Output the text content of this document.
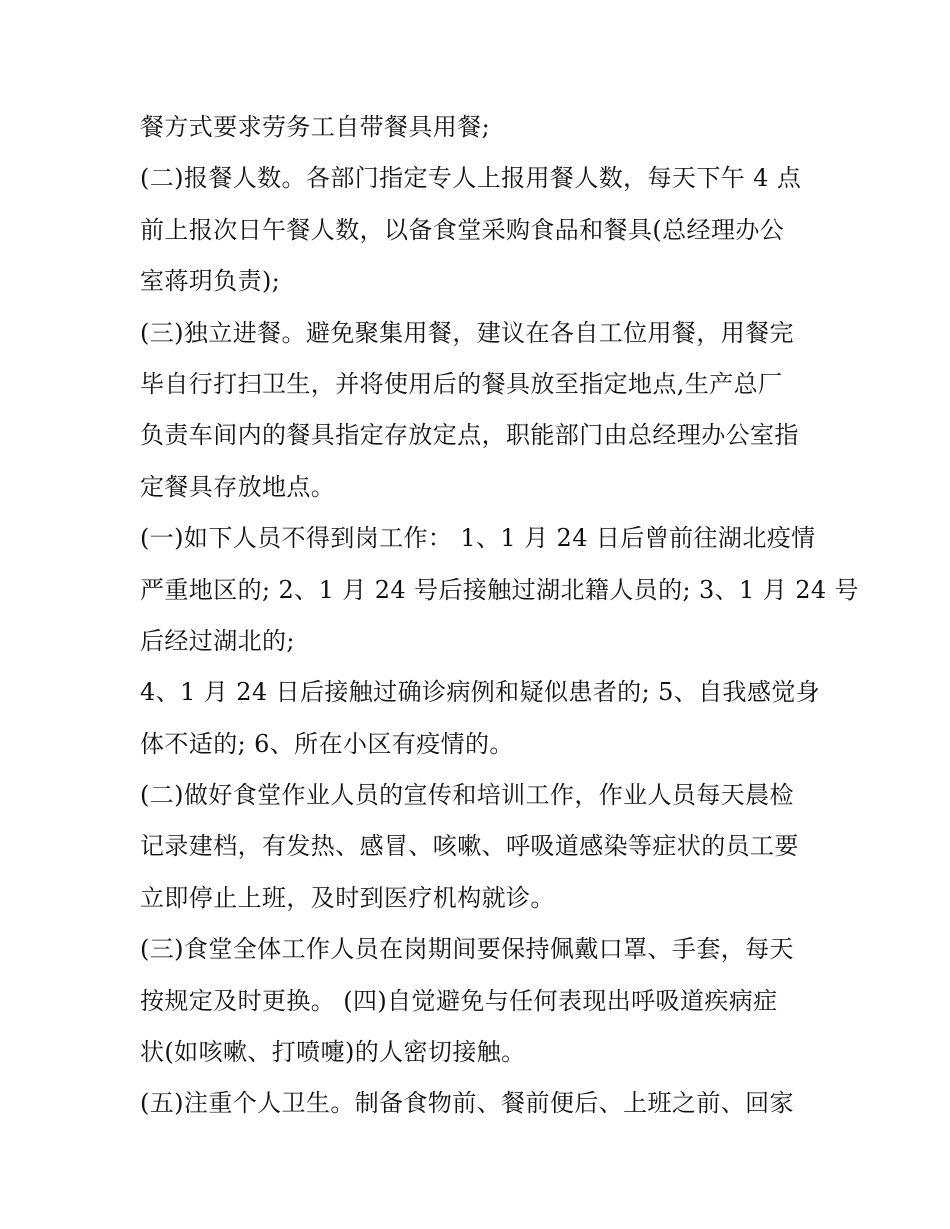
餐方式要求劳务工自带餐具用餐;
(二)报餐人数。各部门指定专人上报用餐人数，每天下午 4 点
前上报次日午餐人数，以备食堂采购食品和餐具(总经理办公
室蒋玥负责);
(三)独立进餐。避免聚集用餐，建议在各自工位用餐，用餐完
毕自行打扫卫生，并将使用后的餐具放至指定地点,生产总厂
负责车间内的餐具指定存放定点，职能部门由总经理办公室指
定餐具存放地点。
(一)如下人员不得到岗工作： 1、1 月 24 日后曾前往湖北疫情
严重地区的; 2、1 月 24 号后接触过湖北籍人员的; 3、1 月 24 号
后经过湖北的;
4、1 月 24 日后接触过确诊病例和疑似患者的; 5、自我感觉身
体不适的; 6、所在小区有疫情的。
(二)做好食堂作业人员的宣传和培训工作，作业人员每天晨检
记录建档，有发热、感冒、咳嗽、呼吸道感染等症状的员工要
立即停止上班，及时到医疗机构就诊。
(三)食堂全体工作人员在岗期间要保持佩戴口罩、手套，每天
按规定及时更换。 (四)自觉避免与任何表现出呼吸道疾病症
状(如咳嗽、打喷嚏)的人密切接触。
(五)注重个人卫生。制备食物前、餐前便后、上班之前、回家
